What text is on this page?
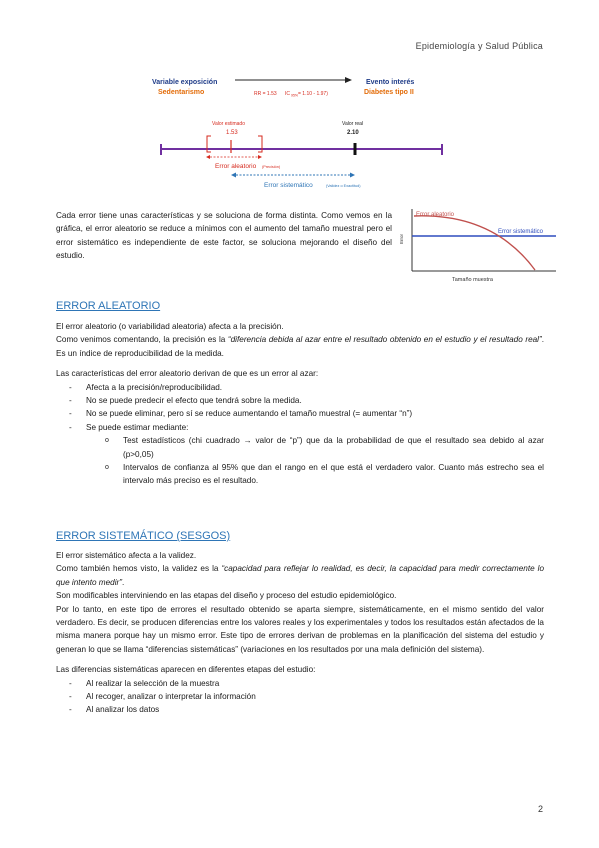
Epidemiología y Salud Pública
Variable exposición
Sedentarismo
Evento interés
Diabetes tipo II
RR = 1.53 IC 95% = 1.10 - 1.97)
Valor estimado
1.53
Valor real
2.10
Error aleatorio (Precisión)
Error sistemático	(Validez o Exactitud)
Cada error tiene unas características y se soluciona de forma distinta. Como vemos en la gráfica, el error aleatorio se reduce a mínimos con el aumento del tamaño muestral pero el error sistemático es independiente de este factor, se soluciona mejorando el diseño del estudio.
Error
Tamaño muestra
Error aleatorio
Error sistemático
ERROR ALEATORIO
El error aleatorio (o variabilidad aleatoria) afecta a la precisión.
Como venimos comentando, la precisión es la “diferencia debida al azar entre el resultado obtenido en el estudio y el resultado real”. Es un índice de reproducibilidad de la medida.
Las características del error aleatorio derivan de que es un error al azar:
- Afecta a la precisión/reproducibilidad.
- No se puede predecir el efecto que tendrá sobre la medida.
- No se puede eliminar, pero sí se reduce aumentando el tamaño muestral (= aumentar “n”)
- Se puede estimar mediante:
o Test estadísticos (chi cuadrado → valor de “p”) que da la probabilidad de que el resultado sea debido al azar (p>0,05)
o Intervalos de confianza al 95% que dan el rango en el que está el verdadero valor. Cuanto más estrecho sea el intervalo más preciso es el resultado.
ERROR SISTEMÁTICO (SESGOS)
El error sistemático afecta a la validez.
Como también hemos visto, la validez es la “capacidad para reflejar lo realidad, es decir, la capacidad para medir correctamente lo que intento medir”.
Son modificables interviniendo en las etapas del diseño y proceso del estudio epidemiológico.
Por lo tanto, en este tipo de errores el resultado obtenido se aparta siempre, sistemáticamente, en el mismo sentido del valor verdadero. Es decir, se producen diferencias entre los valores reales y los experimentales y todos los resultados están afectados de la misma manera porque hay un mismo error. Este tipo de errores derivan de problemas en la planificación del sistema del estudio y generan lo que se llama “diferencias sistemáticas” (variaciones en los resultados por una mala definición del sistema).
Las diferencias sistemáticas aparecen en diferentes etapas del estudio:
- Al realizar la selección de la muestra
- Al recoger, analizar o interpretar la información
- Al analizar los datos
2
